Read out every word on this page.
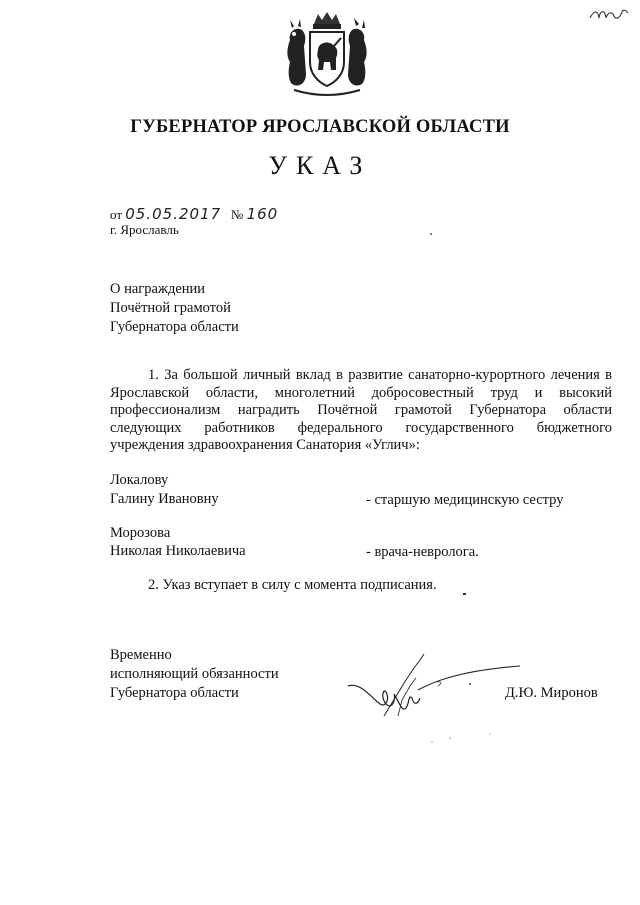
ГУБЕРНАТОР ЯРОСЛАВСКОЙ ОБЛАСТИ
УКАЗ
от 05.05.2017 № 160
г. Ярославль
О награждении
Почётной грамотой
Губернатора области

1. За большой личный вклад в развитие санаторно-курортного лечения в Ярославской области, многолетний добросовестный труд и высокий профессионализм наградить Почётной грамотой Губернатора области следующих работников федерального государственного бюджетного учреждения здравоохранения Санатория «Углич»:

Локалову
Галину Ивановну	- старшую медицинскую сестру
Морозова
Николая Николаевича	- врача-невролога.
2. Указ вступает в силу с момента подписания.
Временно
исполняющий обязанности
Губернатора области	Д.Ю. Миронов
